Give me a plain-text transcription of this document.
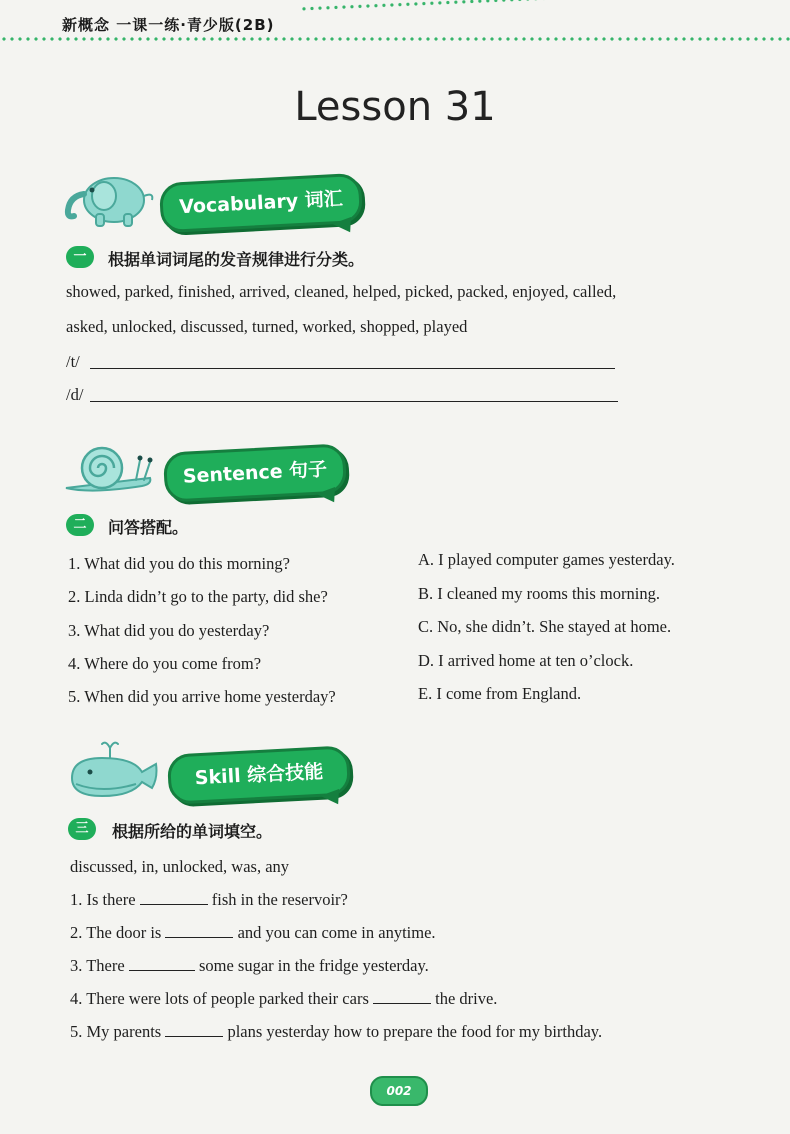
新概念 一课一练·青少版(2B)
Lesson 31
Vocabulary 词汇
一	根据单词词尾的发音规律进行分类。
showed, parked, finished, arrived, cleaned, helped, picked, packed, enjoyed, called,
asked, unlocked, discussed, turned, worked, shopped, played
/t/
/d/
Sentence 句子
二	问答搭配。
1. What did you do this morning?
2. Linda didn’t go to the party, did she?
3. What did you do yesterday?
4. Where do you come from?
5. When did you arrive home yesterday?
A. I played computer games yesterday.
B. I cleaned my rooms this morning.
C. No, she didn’t. She stayed at home.
D. I arrived home at ten o’clock.
E. I come from England.
Skill 综合技能
三	根据所给的单词填空。
discussed, in, unlocked, was, any
1. Is there	fish in the reservoir?
2. The door is	and you can come in anytime.
3. There	some sugar in the fridge yesterday.
4. There were lots of people parked their cars	the drive.
5. My parents	plans yesterday how to prepare the food for my birthday.
002
